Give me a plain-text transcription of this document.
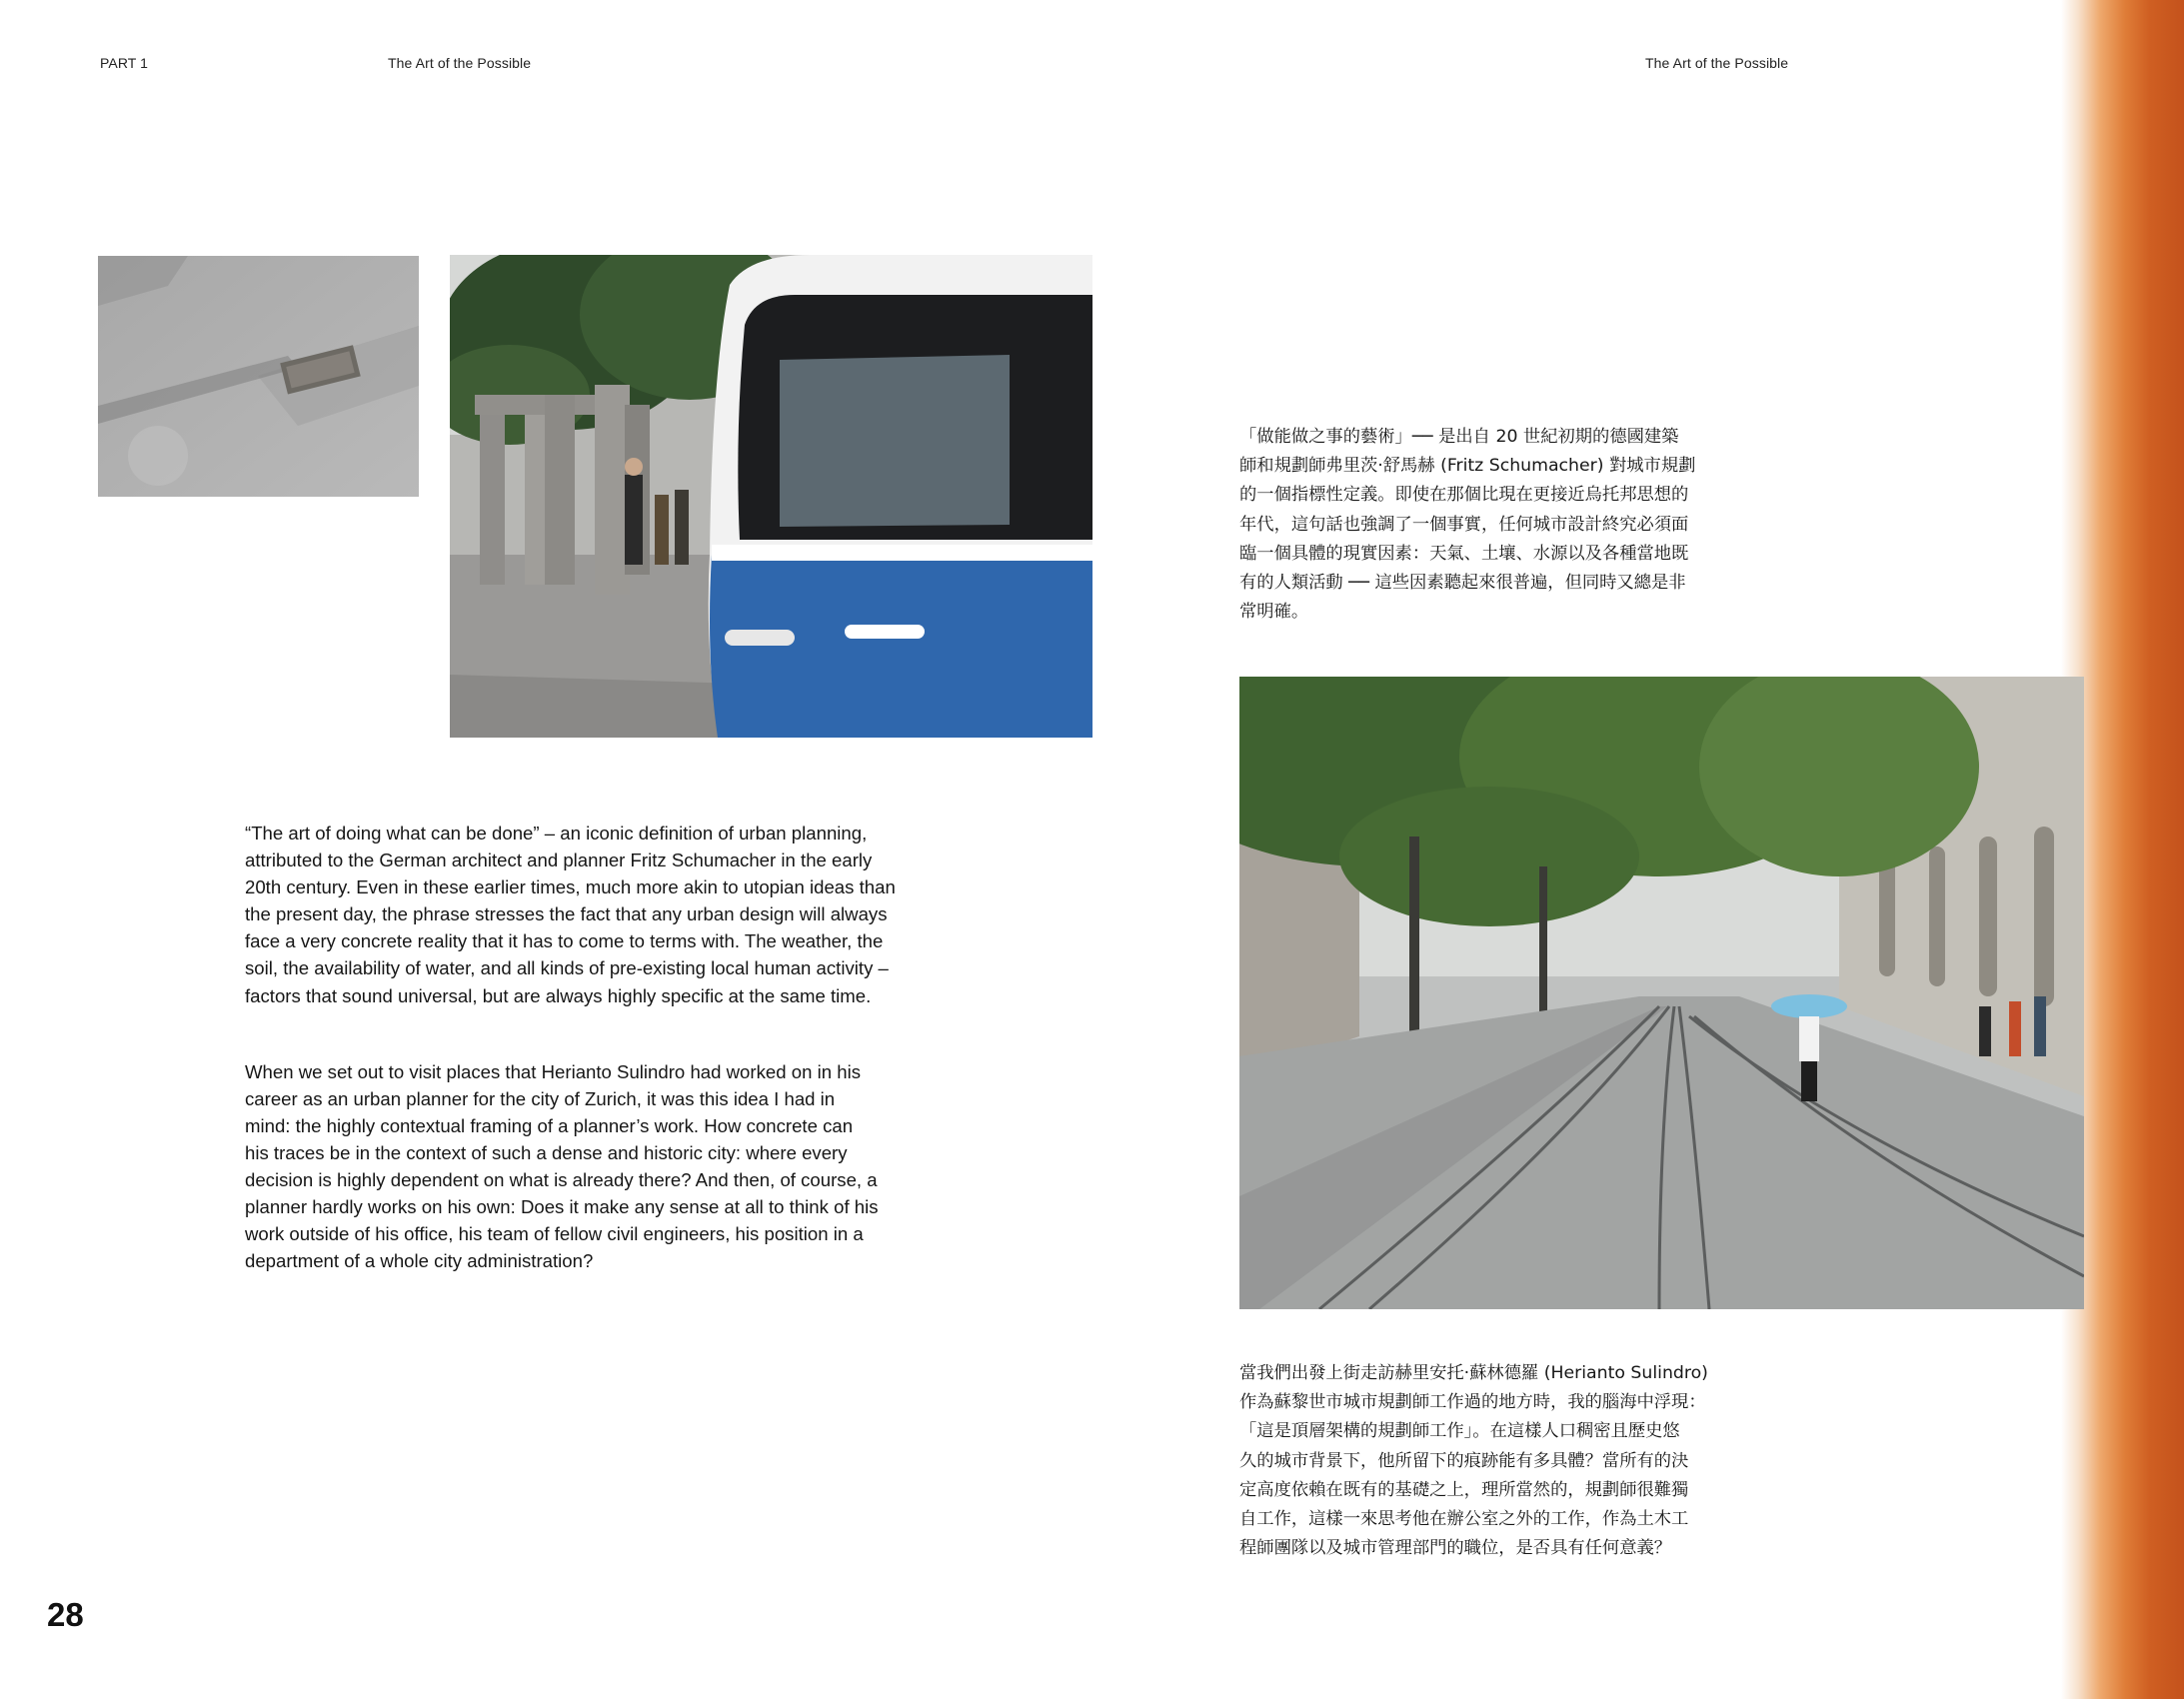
PART 1	The Art of the Possible	The Art of the Possible

“The art of doing what can be done” – an iconic definition of urban planning,
attributed to the German architect and planner Fritz Schumacher in the early
20th century. Even in these earlier times, much more akin to utopian ideas than
the present day, the phrase stresses the fact that any urban design will always
face a very concrete reality that it has to come to terms with. The weather, the
soil, the availability of water, and all kinds of pre-existing local human activity –
factors that sound universal, but are always highly specific at the same time.

When we set out to visit places that Herianto Sulindro had worked on in his
career as an urban planner for the city of Zurich, it was this idea I had in
mind: the highly contextual framing of a planner’s work. How concrete can
his traces be in the context of such a dense and historic city: where every
decision is highly dependent on what is already there? And then, of course, a
planner hardly works on his own: Does it make any sense at all to think of his
work outside of his office, his team of fellow civil engineers, his position in a
department of a whole city administration?

28

「做能做之事的藝術」── 是出自 20 世紀初期的德國建築
師和規劃師弗里茨‧舒馬赫 (Fritz Schumacher) 對城市規劃
的一個指標性定義。即使在那個比現在更接近烏托邦思想的
年代，這句話也強調了一個事實，任何城市設計終究必須面
臨一個具體的現實因素：天氣、土壤、水源以及各種當地既
有的人類活動 ── 這些因素聽起來很普遍，但同時又總是非
常明確。

當我們出發上街走訪赫里安托‧蘇林德羅 (Herianto Sulindro)
作為蘇黎世市城市規劃師工作過的地方時，我的腦海中浮現：
「這是頂層架構的規劃師工作」。在這樣人口稠密且歷史悠
久的城市背景下，他所留下的痕跡能有多具體？當所有的決
定高度依賴在既有的基礎之上，理所當然的，規劃師很難獨
自工作，這樣一來思考他在辦公室之外的工作，作為土木工
程師團隊以及城市管理部門的職位，是否具有任何意義？
